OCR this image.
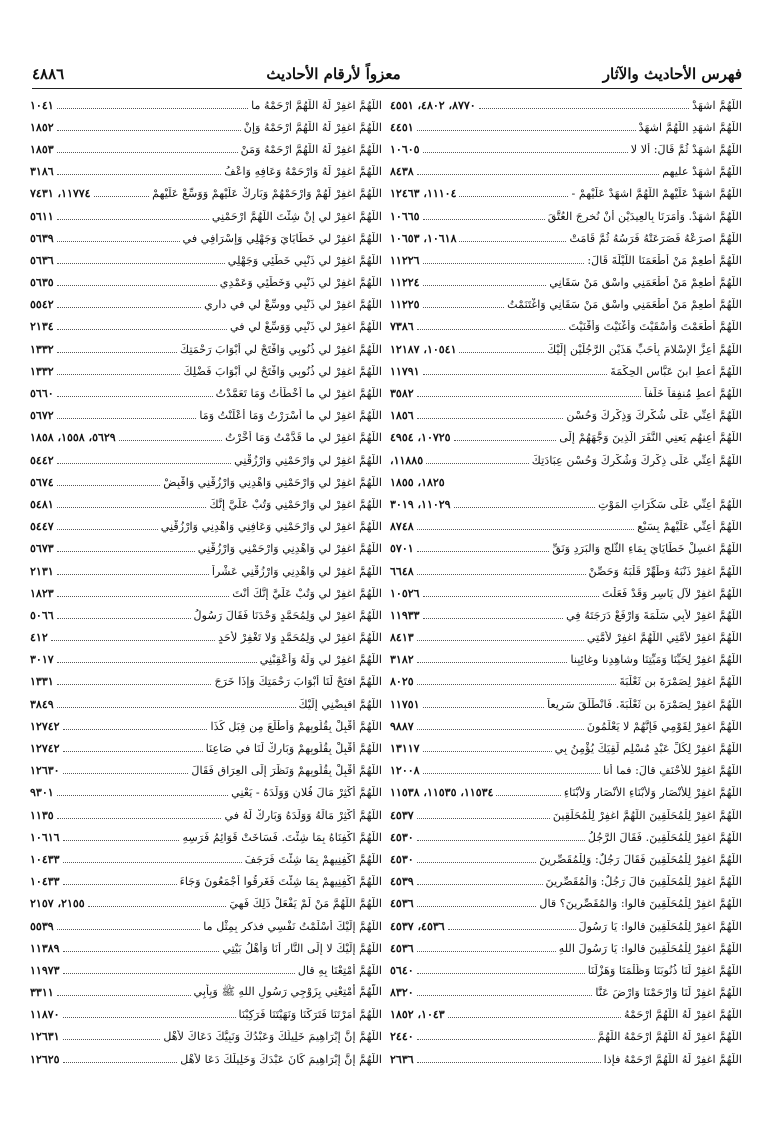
فهرس الأحاديث والآثار
معزواً لأرقام الأحاديث
٤٨٨٦
اللَّهُمَّ اشهَدْ
٨٧٧٠، ٤٨٠٢، ٤٥٥١
اللَّهُمَّ اشهَدِ اللَّهُمَّ اشهَدْ
٤٤٥١
اللَّهُمَّ اشهَدْ ثُمَّ قَالَ: أَلا لا
١٠٦٠٥
اللَّهُمَّ اشهَدْ عليهم
٨٤٣٨
اللَّهُمَّ اشهَدْ عَلَيْهِمْ اللَّهُمَّ اشهَدْ عَلَيْهِمْ -
١١١٠٤، ١٢٤٦٣
اللَّهُمَّ اشهَدْ. وَأَمَرَنَا بِالعِيدَيْنِ أَنْ نُخرِجَ العُتَّقَ
١٠٦٦٥
اللَّهُمَّ اصرَعْهُ فَصَرَعَتْهُ فَرَسُهُ ثُمَّ قَامَتْ
١٠٦١٨، ١٠٦٥٣
اللَّهُمَّ أطعِمْ مَنْ أطْعَمَنَا اللَّيْلَةَ قَالَ:
١١٢٢٦
اللَّهُمَّ أطعِمْ مَنْ أَطْعَمَنِي واسْقِ مَنْ سَقَانِي
١١٢٢٤
اللَّهُمَّ أطعِمْ مَنْ أطْعَمَنِي واسْقِ مَنْ سَقَانِي وَاغْتَنَمْتُ
١١٢٢٥
اللَّهُمَّ أَطْعَمْتَ وَأَسْقَيْتَ وَأَغْنَيْتَ وَأَقْنَيْتَ
٧٣٨٦
اللَّهُمَّ أعِزَّ الإِسْلامَ بِأَحَبِّ هَذَيْنِ الرَّجُلَيْنِ إِلَيْكَ
١٠٥٤١، ١٢١٨٧
اللَّهُمَّ أَعطِ ابنَ عَبَّاسٍ الحِكْمَةَ
١١٧٩١
اللَّهُمَّ أعطِ مُنفِقاً خَلَفاً
٣٥٨٢
اللَّهُمَّ أعِنِّي عَلَى شُكْرِكَ وَذِكْرِكَ وَحُسْنِ
١٨٥٦
اللَّهُمَّ أعِنهُم يَعنِي النَّفَرَ الَّذِينَ وَجَّهَهُمْ إِلَى
١٠٧٢٥، ٤٩٥٤
اللَّهُمَّ أعِنِّي عَلَى ذِكْرِكَ وَشُكْرِكَ وَحُسْنِ عِبَادَتِكَ
١١٨٨٥،
١٨٢٥، ١٨٥٥
اللَّهُمَّ أعِنِّي عَلَى سَكَرَاتِ المَوْتِ
١١٠٢٩، ٣٠١٩
اللَّهُمَّ أعِنِّي عَلَيْهِمْ بِسَبْعٍ
٨٧٤٨
اللَّهُمَّ اغسِلْ خَطَايَايَ بِمَاءِ الثَّلجِ وَالبَرَدِ وَنَقِّ
٥٧٠١
اللَّهُمَّ اغفِرْ ذَنْبَهُ وَطَهِّرْ قَلْبَهُ وَحَصِّنْ
٦٦٤٨
اللَّهُمَّ اغفِرْ لآلِ يَاسِرٍ وَقَدْ فَعَلْتَ
١٠٥٢٦
اللَّهُمَّ اغفِرْ لأَبِي سَلَمَةَ وَارْفَعْ دَرَجَتَهُ فِي
١١٩٣٣
اللَّهُمَّ اغفِرْ لأُمَّتِي اللَّهُمَّ اغفِرْ لأُمَّتِي
٨٤١٣
اللَّهُمَّ اغفِرْ لِحَيِّنَا وَمَيِّتِنَا وشاهِدِنا وغائِبِنا
٣١٨٢
اللَّهُمَّ اغفِرْ لِصَمْرَةَ بنِ ثَعْلَبَةَ
٨٠٢٥
اللَّهُمَّ اغفِرْ لِصَمْرَةَ بنِ ثَعْلَبَةَ. فَانْطَلَقَ سَرِيعاً
١١٧٥١
اللَّهُمَّ اغفِرْ لِقَوْمِي فَإِنَّهُمْ لا يَعْلَمُونَ
٩٨٨٧
اللَّهُمَّ اغفِرْ لِكُلِّ عَبْدٍ مُسْلِمٍ لَقِيَكَ يُؤْمِنُ بِي
١٣١١٧
اللَّهُمَّ اغفِرْ للأَحْنَفِ قالَ: فما أنا
١٢٠٠٨
اللَّهُمَّ اغفِرْ لِلأَنْصَارِ وَلأَبْنَاءِ الأَنْصَارِ وَلأَبْنَاءِ
١١٥٣٤، ١١٥٣٥، ١١٥٣٨
اللَّهُمَّ اغفِرْ لِلْمُحَلِّقِينَ اللَّهُمَّ اغفِرْ لِلْمُحَلِّقِينَ
٤٥٣٧
اللَّهُمَّ اغفِرْ لِلْمُحَلِّقِينَ. فَقَالَ الرَّجُلُ
٤٥٣٠
اللَّهُمَّ اغفِرْ لِلْمُحَلِّقِينَ فَقَالَ رَجُلٌ: وَلِلْمُقَصِّرِينَ
٤٥٣٠
اللَّهُمَّ اغفِرْ لِلْمُحَلِّقِينَ قالَ رَجُلٌ: وَالْمُقَصِّرِينَ
٤٥٣٩
اللَّهُمَّ اغفِرْ لِلْمُحَلِّقِينَ قالوا: وَالمُقَصِّرِينَ؟ قال
٤٥٣٦
اللَّهُمَّ اغفِرْ لِلْمُحَلِّقِينَ قالوا: يَا رَسُولَ
٤٥٣٦، ٤٥٣٧
اللَّهُمَّ اغفِرْ لِلْمُحَلِّقِينَ قالوا: يَا رَسُولَ اللهِ
٤٥٣٦
اللَّهُمَّ اغفِرْ لَنَا ذُنُوبَنَا وَظُلْمَنَا وَهَزْلَنَا
٥٦٤٠
اللَّهُمَّ اغفِرْ لَنَا وَارْحَمْنَا وَارْضَ عَنَّا
٨٣٢٠
اللَّهُمَّ اغفِرْ لَهُ اللَّهُمَّ ارْحَمْهُ
١٠٤٣، ١٨٥٢
اللَّهُمَّ اغفِرْ لَهُ اللَّهُمَّ ارْحَمْهُ اللَّهُمَّ
٢٤٤٠
اللَّهُمَّ اغفِرْ لَهُ اللَّهُمَّ ارْحَمْهُ فإذا
٢٦٣٦
اللَّهُمَّ اغفِرْ لَهُ اللَّهُمَّ ارْحَمْهُ ما
١٠٤١
اللَّهُمَّ اغفِرْ لَهُ اللَّهُمَّ ارْحَمْهُ وَإِنْ
١٨٥٢
اللَّهُمَّ اغفِرْ لَهُ اللَّهُمَّ ارْحَمْهُ وَمَنْ
١٨٥٣
اللَّهُمَّ اغفِرْ لَهُ وَارْحَمْهُ وَعَافِهِ وَاعْفُ
٣١٨٦
اللَّهُمَّ اغفِرْ لَهُمْ وَارْحَمْهُمْ وَبَارِكْ عَلَيْهِمْ وَوَسِّعْ عَلَيْهِمْ
١١٧٧٤، ٧٤٣١
اللَّهُمَّ اغفِرْ لي إِنْ شِئْتَ اللَّهُمَّ ارْحَمْنِي
٥٦١١
اللَّهُمَّ اغفِرْ لي خَطَايَايَ وَجَهْلِي وَإِسْرَافِي في
٥٦٣٩
اللَّهُمَّ اغفِرْ لي ذَنْبِي خَطَئِي وَجَهْلِي
٥٦٣٦
اللَّهُمَّ اغفِرْ لي ذَنْبِي وَخَطَئِي وَعَمْدِي
٥٦٣٥
اللَّهُمَّ اغفِرْ لي ذَنْبِي ووسِّعْ لي في داري
٥٥٤٢
اللَّهُمَّ اغفِرْ لي ذَنْبِي وَوَسِّعْ لي في
٢١٣٤
اللَّهُمَّ اغفِرْ لي ذُنُوبِي وَافْتَحْ لي أَبْوَابَ رَحْمَتِكَ
١٣٣٢
اللَّهُمَّ اغفِرْ لي ذُنُوبِي وَافْتَحْ لي أَبْوَابَ فَضْلِكَ
١٣٣٢
اللَّهُمَّ اغفِرْ لي ما أَخْطَأْتُ وَمَا تَعَمَّدْتُ
٥٦٦٠
اللَّهُمَّ اغفِرْ لي ما أَسْرَرْتُ وَمَا أَعْلَنْتُ وَمَا
٥٦٧٢
اللَّهُمَّ اغفِرْ لي ما قَدَّمْتُ وَمَا أَخَّرْتُ
٥٦٢٩، ١٥٥٨، ١٨٥٨
اللَّهُمَّ اغفِرْ لي وَارْحَمْنِي وَارْزُقْنِي
٥٤٤٢
اللَّهُمَّ اغفِرْ لي وَارْحَمْنِي وَاهْدِنِي وَارْزُقْنِي وَاقْبِضْ
٥٦٧٤
اللَّهُمَّ اغفِرْ لي وَارْحَمْنِي وَتُبْ عَلَيَّ إِنَّكَ
٥٤٨١
اللَّهُمَّ اغفِرْ لي وَارْحَمْنِي وَعَافِنِي وَاهْدِنِي وَارْزُقْنِي
٥٤٤٧
اللَّهُمَّ اغفِرْ لي وَاهْدِنِي وَارْحَمْنِي وَارْزُقْنِي
٥٦٧٣
اللَّهُمَّ اغفِرْ لي وَاهْدِنِي وَارْزُقْنِي عَشْراً
٢١٣١
اللَّهُمَّ اغفِرْ لي وَتُبْ عَلَيَّ إِنَّكَ أَنْتَ
١٨٢٣
اللَّهُمَّ اغفِرْ لي وَلِمُحَمَّدٍ وَحْدَنَا فَقَالَ رَسُولُ
٥٠٦٦
اللَّهُمَّ اغفِرْ لي وَلِمُحَمَّدٍ وَلا تَغْفِرْ لأَحَدٍ
٤١٢
اللَّهُمَّ اغفِرْ لي وَلَهُ وَأَعْقِبْنِي
٣٠١٧
اللَّهُمَّ افتَحْ لَنَا أَبْوَابَ رَحْمَتِكَ وَإِذَا خَرَجَ
١٣٣١
اللَّهُمَّ اقبِضْنِي إِلَيْكَ
٣٨٤٩
اللَّهُمَّ أَقْبِلْ بِقُلُوبِهِمْ وَأَطْلَعَ مِن قِبَلِ كَذَا
١٢٧٤٢
اللَّهُمَّ أَقْبِلْ بِقُلُوبِهِمْ وَبَارِكْ لَنَا في صَاعِنَا
١٢٧٤٢
اللَّهُمَّ أَقْبِلْ بِقُلُوبِهِمْ وَنَظَرَ إِلَى العِرَاقِ فَقَالَ
١٢٦٣٠
اللَّهُمَّ أَكْثِرْ مَالَ فُلانٍ وَوَلَدَهُ - يَعْنِي
٩٣٠١
اللَّهُمَّ أَكْثِرْ مَالَهُ وَوَلَدَهُ وَبَارِكْ لَهُ في
١١٣٥
اللَّهُمَّ اكْفِنَاهُ بِمَا شِئْتَ. فَسَاخَتْ قَوَائِمُ فَرَسِهِ
١٠٦١٦
اللَّهُمَّ اكْفِنِيهِمْ بِمَا شِئْتَ فَرَجَفَ
١٠٤٣٣
اللَّهُمَّ اكْفِنِيهِمْ بِمَا شِئْتَ فَغَرِقُوا أَجْمَعُونَ وَجَاءَ
١٠٤٣٣
اللَّهُمَّ اللَّهُمَّ مَنْ لَمْ يَفْعَلْ ذَلِكَ فَهِيَ
٢١٥٥، ٢١٥٧
اللَّهُمَّ إِلَيْكَ أَسْلَمْتُ نَفْسِي فذكر بِمِثْلِ ما
٥٥٣٩
اللَّهُمَّ إِلَيْكَ لا إِلَى النَّارِ أَنَا وَأَهْلُ بَيْتِي
١١٣٨٩
اللَّهُمَّ أَمْتِعْنَا بِهِ قال
١١٩٧٣
اللَّهُمَّ أَمْتِعْنِي بِزَوْجِي رَسُولِ اللهِ ﷺ وَبِأَبِي
٣٣١١
اللَّهُمَّ أَمَرْتَنَا فَتَرَكْنَا وَنَهَيْتَنَا فَرَكِبْنَا
١١٨٧٠
اللَّهُمَّ إِنَّ إِبْرَاهِيمَ خَلِيلُكَ وَعَبْدُكَ وَنَبِيُّكَ دَعَاكَ لأَهْلِ
١٢٦٣١
اللَّهُمَّ إِنَّ إِبْرَاهِيمَ كَانَ عَبْدَكَ وَخَلِيلَكَ دَعَا لأَهْلِ
١٢٦٢٥
